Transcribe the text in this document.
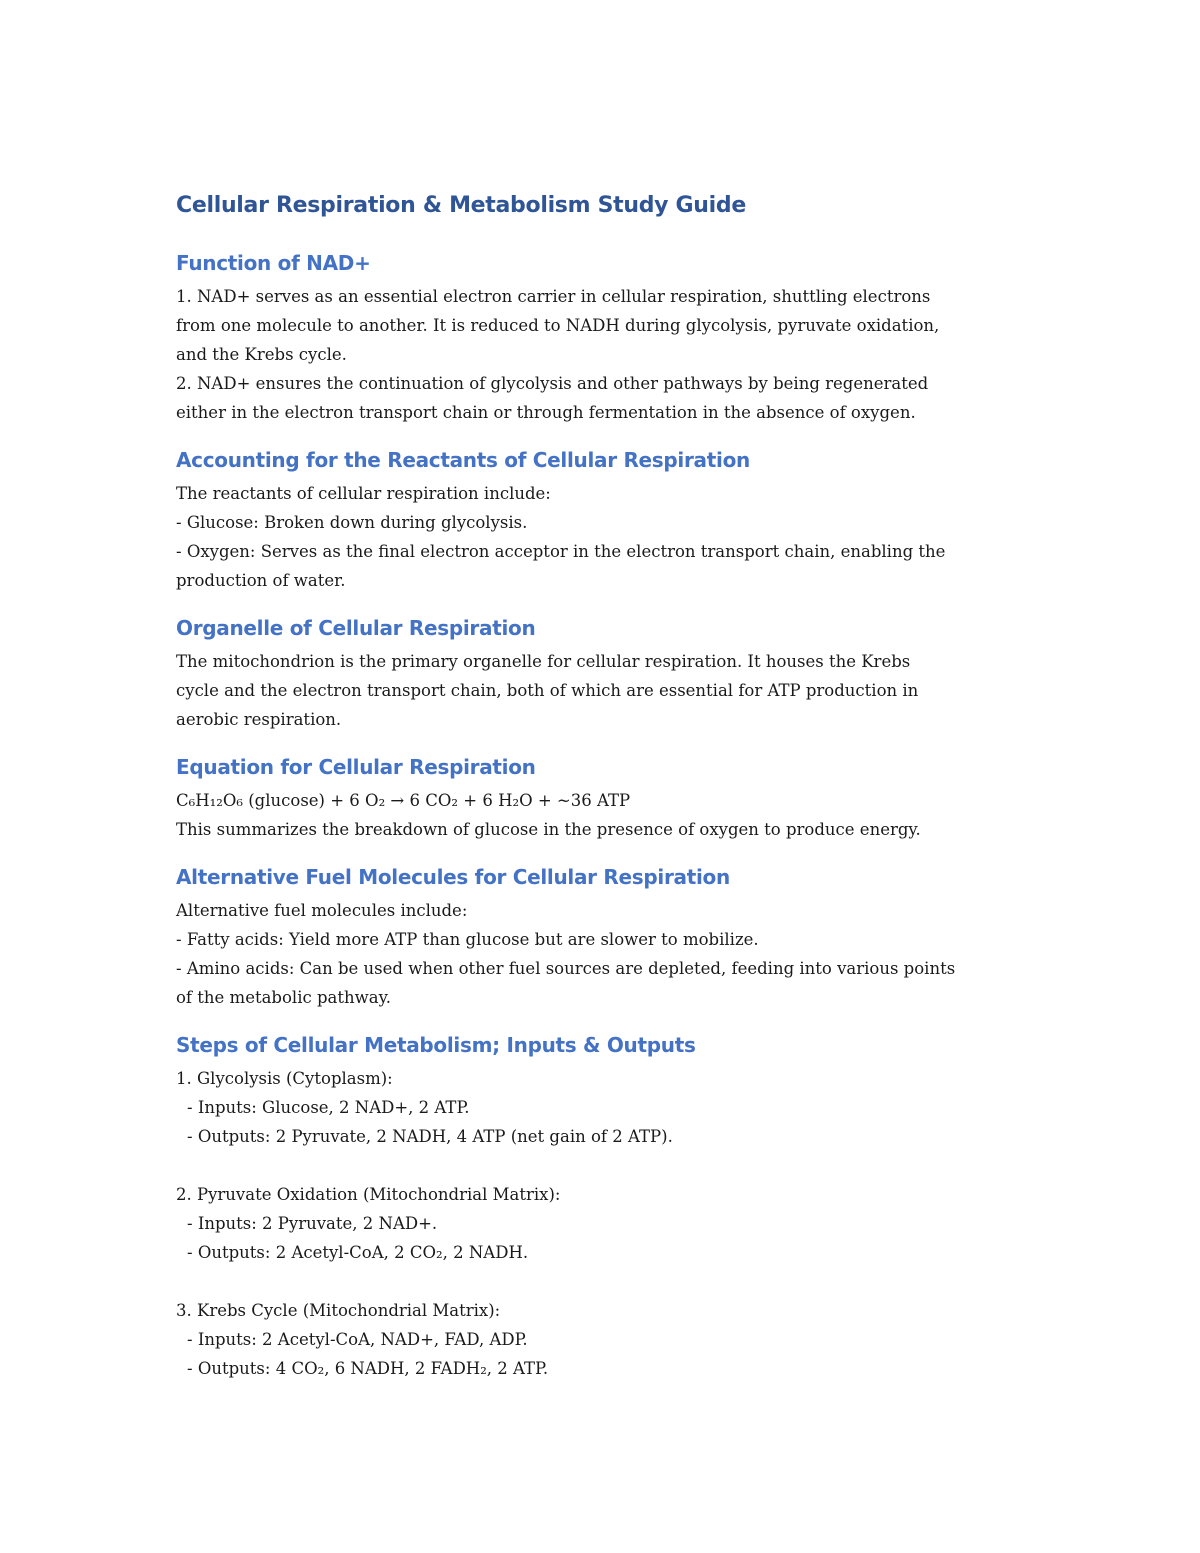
Cellular Respiration & Metabolism Study Guide
Function of NAD+

1. NAD+ serves as an essential electron carrier in cellular respiration, shuttling electrons

from one molecule to another. It is reduced to NADH during glycolysis, pyruvate oxidation,

and the Krebs cycle.

2. NAD+ ensures the continuation of glycolysis and other pathways by being regenerated

either in the electron transport chain or through fermentation in the absence of oxygen.

Accounting for the Reactants of Cellular Respiration

The reactants of cellular respiration include:

- Glucose: Broken down during glycolysis.

- Oxygen: Serves as the final electron acceptor in the electron transport chain, enabling the

production of water.

Organelle of Cellular Respiration

The mitochondrion is the primary organelle for cellular respiration. It houses the Krebs

cycle and the electron transport chain, both of which are essential for ATP production in

aerobic respiration.

Equation for Cellular Respiration

C₆H₁₂O₆ (glucose) + 6 O₂ → 6 CO₂ + 6 H₂O + ~36 ATP

This summarizes the breakdown of glucose in the presence of oxygen to produce energy.

Alternative Fuel Molecules for Cellular Respiration

Alternative fuel molecules include:

- Fatty acids: Yield more ATP than glucose but are slower to mobilize.

- Amino acids: Can be used when other fuel sources are depleted, feeding into various points

of the metabolic pathway.

Steps of Cellular Metabolism; Inputs & Outputs

1. Glycolysis (Cytoplasm):

- Inputs: Glucose, 2 NAD+, 2 ATP.

- Outputs: 2 Pyruvate, 2 NADH, 4 ATP (net gain of 2 ATP).

2. Pyruvate Oxidation (Mitochondrial Matrix):

- Inputs: 2 Pyruvate, 2 NAD+.

- Outputs: 2 Acetyl-CoA, 2 CO₂, 2 NADH.

3. Krebs Cycle (Mitochondrial Matrix):

- Inputs: 2 Acetyl-CoA, NAD+, FAD, ADP.

- Outputs: 4 CO₂, 6 NADH, 2 FADH₂, 2 ATP.
